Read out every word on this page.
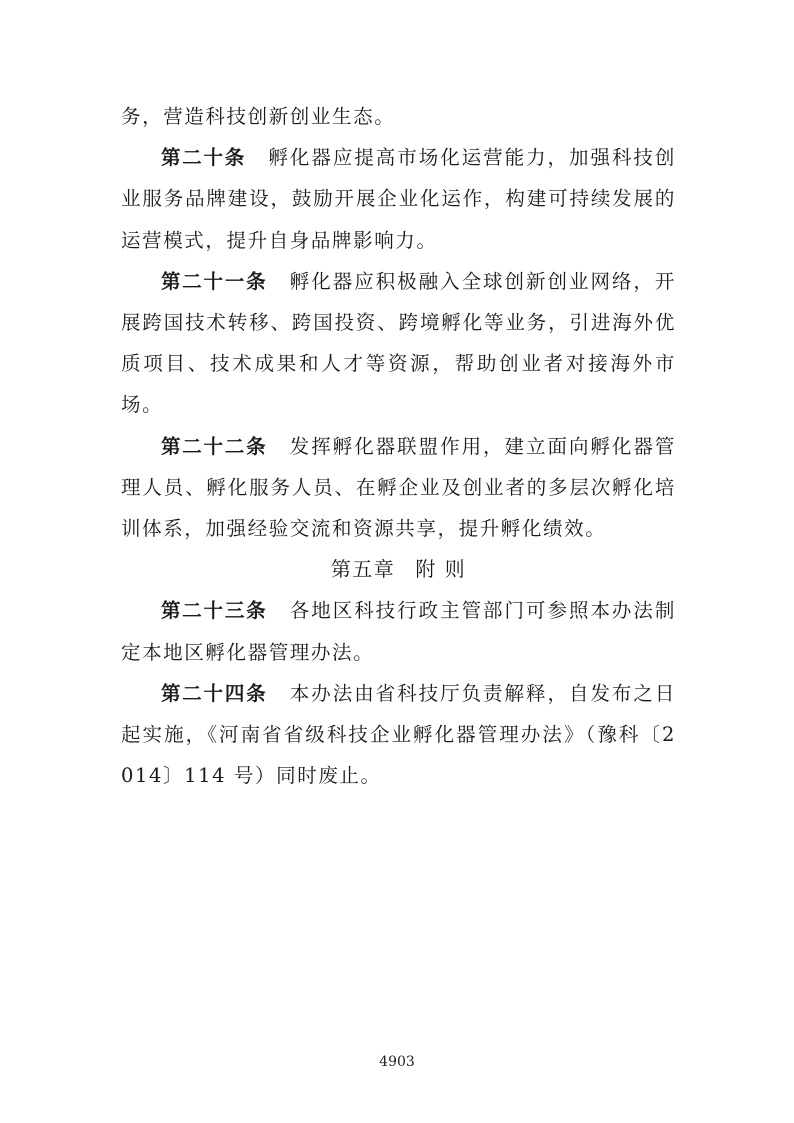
务，营造科技创新创业生态。

第二十条 孵化器应提高市场化运营能力，加强科技创业服务品牌建设，鼓励开展企业化运作，构建可持续发展的运营模式，提升自身品牌影响力。

第二十一条 孵化器应积极融入全球创新创业网络，开展跨国技术转移、跨国投资、跨境孵化等业务，引进海外优质项目、技术成果和人才等资源，帮助创业者对接海外市场。

第二十二条 发挥孵化器联盟作用，建立面向孵化器管理人员、孵化服务人员、在孵企业及创业者的多层次孵化培训体系，加强经验交流和资源共享，提升孵化绩效。

第五章 附 则

第二十三条 各地区科技行政主管部门可参照本办法制定本地区孵化器管理办法。

第二十四条 本办法由省科技厅负责解释，自发布之日起实施，《河南省省级科技企业孵化器管理办法》（豫科〔2014〕114 号）同时废止。

4903
